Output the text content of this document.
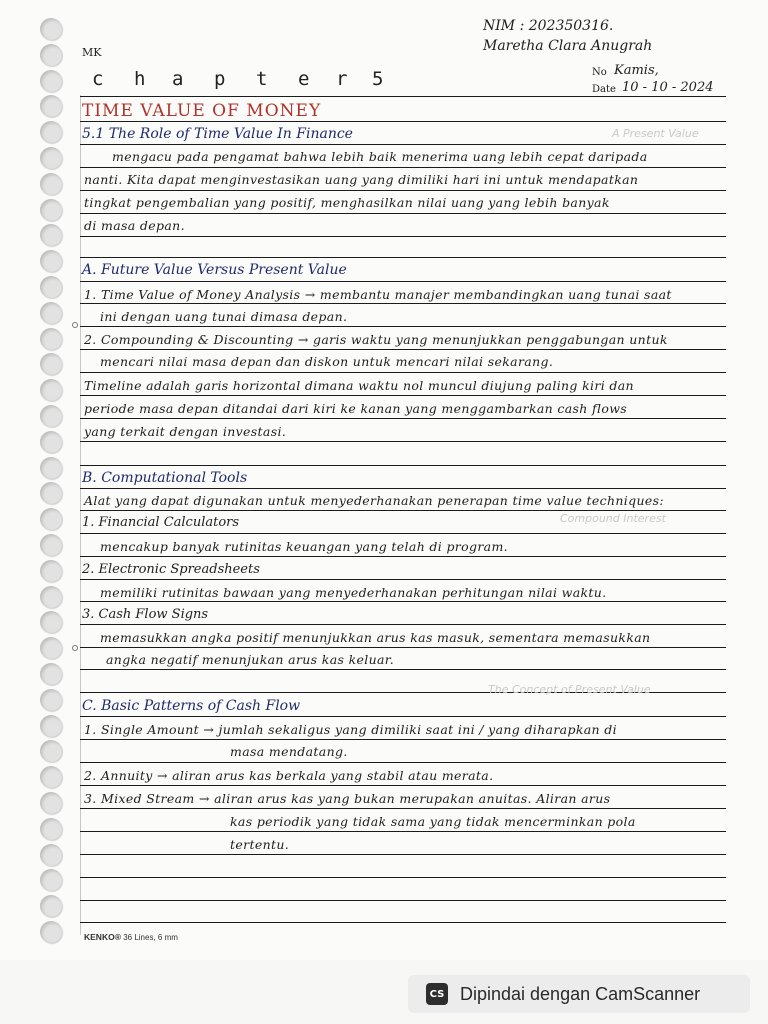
A Present Value
Compound Interest
The Concept of Present Value
NIM : 202350316.
Maretha Clara Anugrah
MK
c h a p t e r 5	No Kamis,
Date 10 - 10 - 2024
TIME VALUE OF MONEY
5.1 The Role of Time Value In Finance
mengacu pada pengamat bahwa lebih baik menerima uang lebih cepat daripada
nanti. Kita dapat menginvestasikan uang yang dimiliki hari ini untuk mendapatkan
tingkat pengembalian yang positif, menghasilkan nilai uang yang lebih banyak
di masa depan.
A. Future Value Versus Present Value
1. Time Value of Money Analysis → membantu manajer membandingkan uang tunai saat
ini dengan uang tunai dimasa depan.
2. Compounding & Discounting → garis waktu yang menunjukkan penggabungan untuk
mencari nilai masa depan dan diskon untuk mencari nilai sekarang.
Timeline adalah garis horizontal dimana waktu nol muncul diujung paling kiri dan
periode masa depan ditandai dari kiri ke kanan yang menggambarkan cash flows
yang terkait dengan investasi.
B. Computational Tools
Alat yang dapat digunakan untuk menyederhanakan penerapan time value techniques:
1. Financial Calculators
mencakup banyak rutinitas keuangan yang telah di program.
2. Electronic Spreadsheets
memiliki rutinitas bawaan yang menyederhanakan perhitungan nilai waktu.
3. Cash Flow Signs
memasukkan angka positif menunjukkan arus kas masuk, sementara memasukkan
angka negatif menunjukan arus kas keluar.
C. Basic Patterns of Cash Flow
1. Single Amount → jumlah sekaligus yang dimiliki saat ini / yang diharapkan di
masa mendatang.
2. Annuity → aliran arus kas berkala yang stabil atau merata.
3. Mixed Stream → aliran arus kas yang bukan merupakan anuitas. Aliran arus
kas periodik yang tidak sama yang tidak mencerminkan pola
tertentu.
KENKO® 36 Lines, 6 mm
CS Dipindai dengan CamScanner
